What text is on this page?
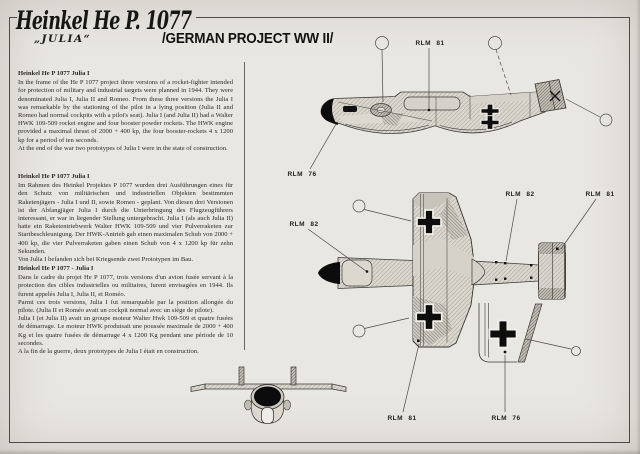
Heinkel He P. 1077
„JULIA“	/GERMAN PROJECT WW II/
Heinkel He P 1077 Julia I

In the frame of the He P 1077 project three versions of a rocket-fighter intended for protection of military and industrial targets were planned in 1944. They were denominated Julia I, Julia II and Romeo. From these three versions the Julia I was remarkable by the stationing of the pilot in a lying position (Julia II and Romeo had normal cockpits with a pilot's seat). Julia I (and Julia II) had a Walter HWK 109-509 rocket engine and four booster powder rockets. The HWK engine provided a maximal thrust of 2000 + 400 kp, the four booster-rockets 4 x 1200 kp for a period of ten seconds.

At the end of the war two prototypes of Julia I were in the state of construction.

Heinkel He P 1077 Julia I

Im Rahmen des Heinkel Projektes P 1077 wurden drei Ausführungen eines für den Schutz von militärischen und industriellen Objekten bestimmten Raketenjägers - Julia I und II, sowie Romeo - geplant. Von diesen drei Versionen ist der Abfangjäger Julia I durch die Unterbringung des Flugzeugführers interessant, er war in liegender Stellung untergebracht. Julia I (als auch Julia II) hatte ein Raketentriebwerk Walter HWK 109-509 und vier Pulverraketen zur Startbeschleunigung. Der HWK-Antrieb gab einen maximalen Schub von 2000 + 400 kp, die vier Pulverraketen gaben einen Schub von 4 x 1200 kp für zehn Sekunden.

Von Julia I befanden sich bei Kriegsende zwei Prototypen im Bau.

Heinkel He P 1077 - Julia I

Dans le cadre du projet He P 1077, trois versions d'un avion fusée servant à la protection des cibles industrielles ou militaires, furent envisagées en 1944. Ils furent appelés Julia I, Julia II, et Roméo.

Parmi ces trois versions, Julia I fut remarquable par la position allongée du pilote. (Julia II et Roméo avait un cockpit normal avec un siège de pilote).

Julia I (et Julia II) avait un groupe moteur Walter Hwk 109-509 et quatre fusées de démarrage. Le moteur HWK produisait une poussée maximale de 2000 + 400 Kg et les quatre fusées de démarrage 4 x 1200 Kg pendant une période de 10 secondes.

A la fin de la guerre, deux prototypes de Julia I était en construction.

RLM 81
RLM 76
RLM 82
RLM 82	RLM 81
RLM 81	RLM 76
